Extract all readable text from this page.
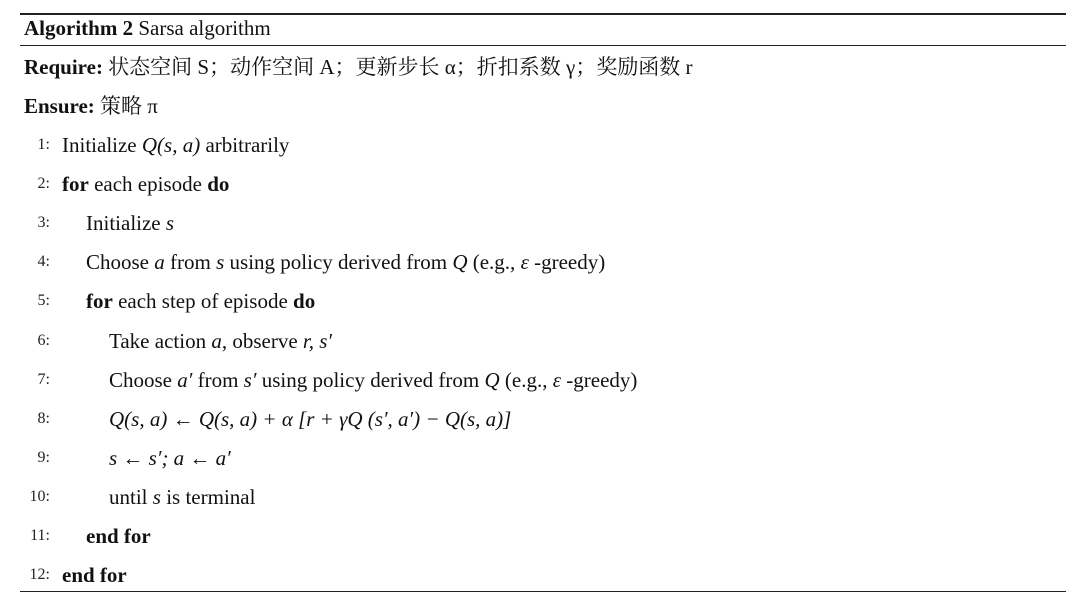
Algorithm 2 Sarsa algorithm
Require: 状态空间 S；动作空间 A；更新步长 α；折扣系数 γ；奖励函数 r
Ensure: 策略 π
1: Initialize Q(s, a) arbitrarily
2: for each episode do
3: Initialize s
4: Choose a from s using policy derived from Q (e.g., ε -greedy)
5: for each step of episode do
6:	Take action a, observe r, s′
7:	Choose a′ from s′ using policy derived from Q (e.g., ε -greedy)
8:	Q(s, a) ← Q(s, a) + α [r + γQ (s′, a′) − Q(s, a)]
9:	s ← s′; a ← a′
10:	until s is terminal
11: end for
12: end for
